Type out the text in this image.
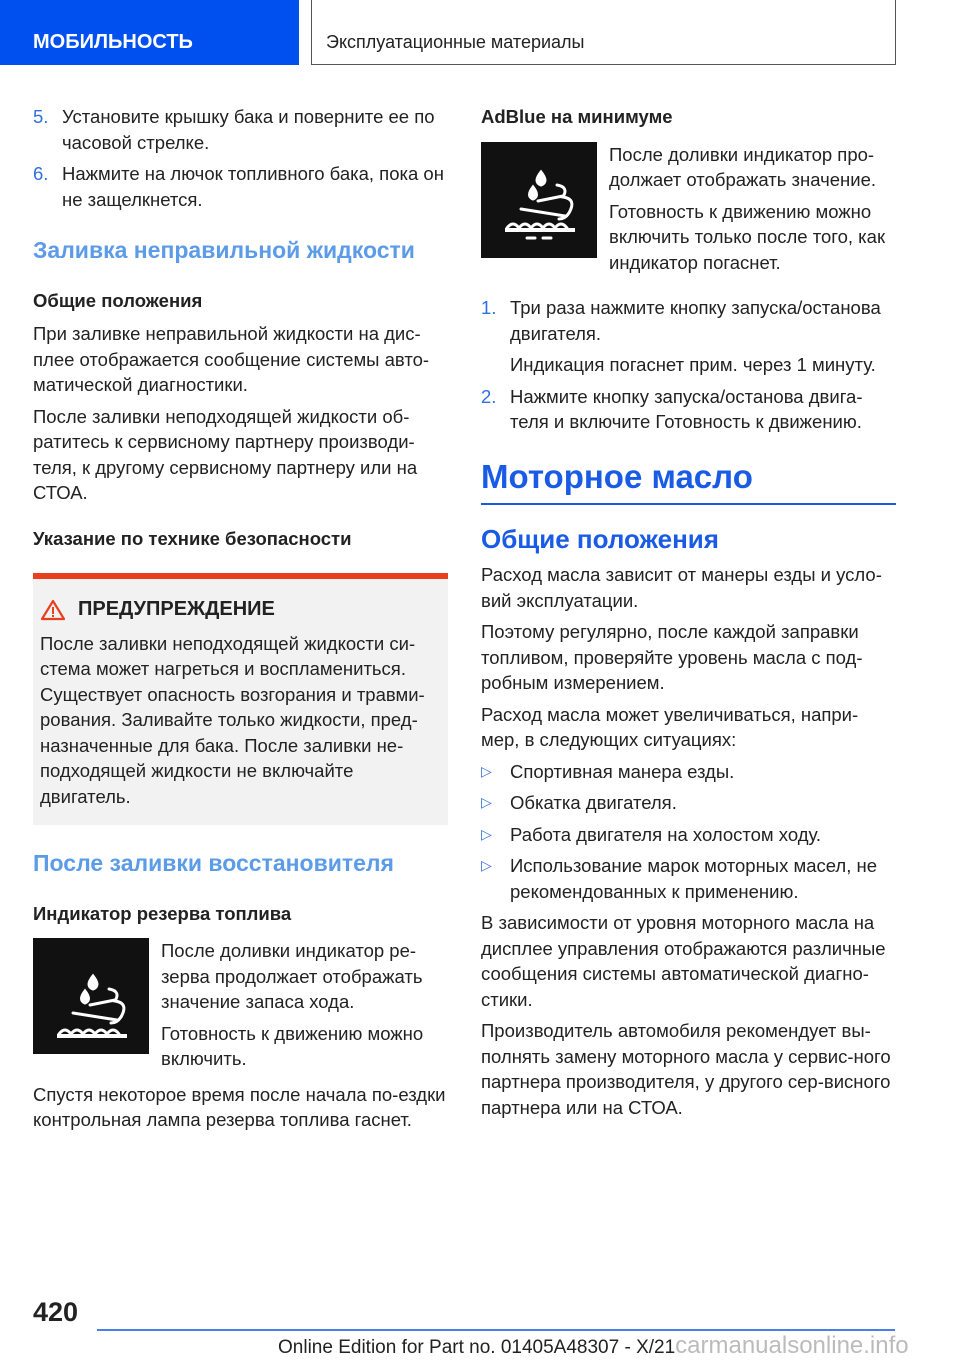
МОБИЛЬНОСТЬ	Эксплуатационные материалы
5. Установите крышку бака и поверните ее по часовой стрелке.
6. Нажмите на лючок топливного бака, пока он не защелкнется.
Заливка неправильной жидкости
Общие положения

При заливке неправильной жидкости на дис-плее отображается сообщение системы авто-матической диагностики.

После заливки неподходящей жидкости об-ратитесь к сервисному партнеру производи-теля, к другому сервисному партнеру или на СТОА.

Указание по технике безопасности
ПРЕДУПРЕЖДЕНИЕ
После заливки неподходящей жидкости си-стема может нагреться и воспламениться. Существует опасность возгорания и травми-рования. Заливайте только жидкости, пред-назначенные для бака. После заливки не-подходящей жидкости не включайте двигатель.
После заливки восстановителя
Индикатор резерва топлива

После доливки индикатор ре-зерва продолжает отображать значение запаса хода.

Готовность к движению можно включить.

Спустя некоторое время после начала по-ездки контрольная лампа резерва топлива гаснет.

AdBlue на минимуме

После доливки индикатор про-должает отображать значение.

Готовность к движению можно включить только после того, как индикатор погаснет.

1. Три раза нажмите кнопку запуска/останова двигателя.
Индикация погаснет прим. через 1 минуту.
2. Нажмите кнопку запуска/останова двига-теля и включите Готовность к движению.
Моторное масло
Общие положения

Расход масла зависит от манеры езды и усло-вий эксплуатации.

Поэтому регулярно, после каждой заправки топливом, проверяйте уровень масла с под-робным измерением.

Расход масла может увеличиваться, напри-мер, в следующих ситуациях:

▷ Спортивная манера езды.
▷ Обкатка двигателя.
▷ Работа двигателя на холостом ходу.
▷ Использование марок моторных масел, не рекомендованных к применению.

В зависимости от уровня моторного масла на дисплее управления отображаются различные сообщения системы автоматической диагно-стики.

Производитель автомобиля рекомендует вы-полнять замену моторного масла у сервис-ного партнера производителя, у другого сер-висного партнера или на СТОА.

420
Online Edition for Part no. 01405A48307 - X/21carmanualsonline.info
